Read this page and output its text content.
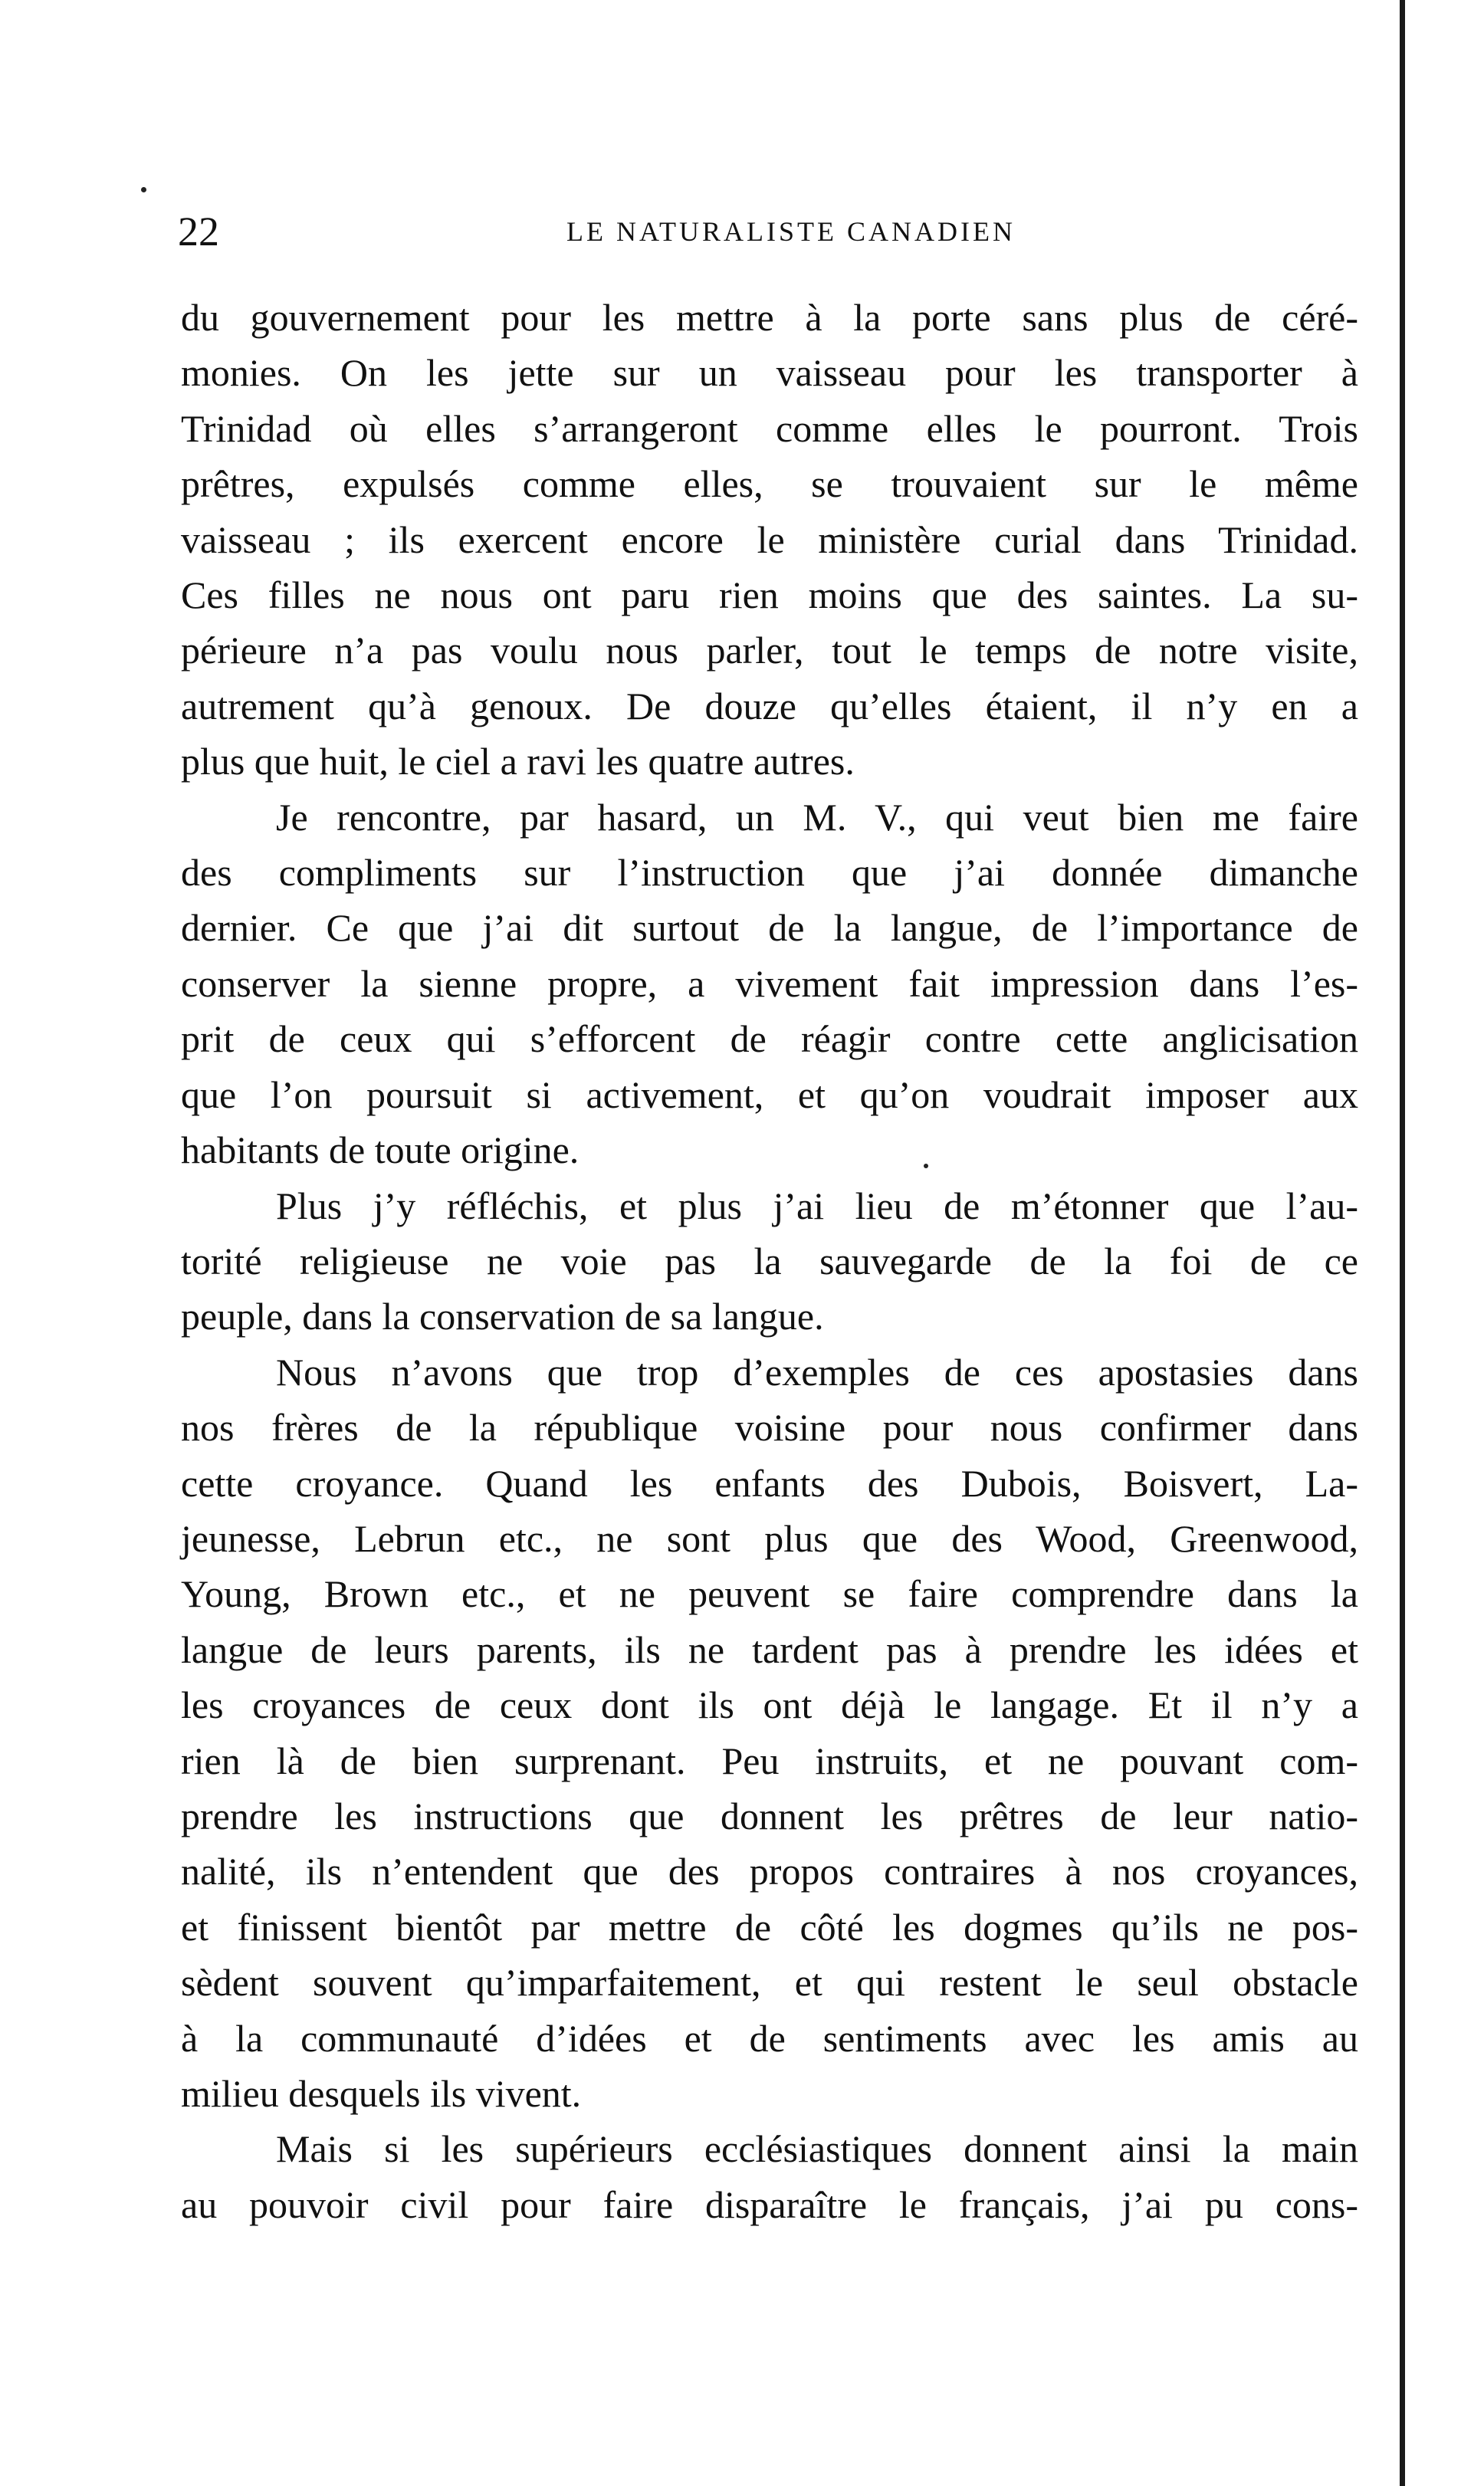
22	LE NATURALISTE CANADIEN

du gouvernement pour les mettre à la porte sans plus de céré-
monies. On les jette sur un vaisseau pour les transporter à
Trinidad où elles s’arrangeront comme elles le pourront. Trois
prêtres, expulsés comme elles, se trouvaient sur le même
vaisseau ; ils exercent encore le ministère curial dans Trinidad.
Ces filles ne nous ont paru rien moins que des saintes. La su-
périeure n’a pas voulu nous parler, tout le temps de notre visite,
autrement qu’à genoux. De douze qu’elles étaient, il n’y en a
plus que huit, le ciel a ravi les quatre autres.

Je rencontre, par hasard, un M. V., qui veut bien me faire
des compliments sur l’instruction que j’ai donnée dimanche
dernier. Ce que j’ai dit surtout de la langue, de l’importance de
conserver la sienne propre, a vivement fait impression dans l’es-
prit de ceux qui s’efforcent de réagir contre cette anglicisation
que l’on poursuit si activement, et qu’on voudrait imposer aux
habitants de toute origine.

Plus j’y réfléchis, et plus j’ai lieu de m’étonner que l’au-
torité religieuse ne voie pas la sauvegarde de la foi de ce
peuple, dans la conservation de sa langue.

Nous n’avons que trop d’exemples de ces apostasies dans
nos frères de la république voisine pour nous confirmer dans
cette croyance. Quand les enfants des Dubois, Boisvert, La-
jeunesse, Lebrun etc., ne sont plus que des Wood, Greenwood,
Young, Brown etc., et ne peuvent se faire comprendre dans la
langue de leurs parents, ils ne tardent pas à prendre les idées et
les croyances de ceux dont ils ont déjà le langage. Et il n’y a
rien là de bien surprenant. Peu instruits, et ne pouvant com-
prendre les instructions que donnent les prêtres de leur natio-
nalité, ils n’entendent que des propos contraires à nos croyances,
et finissent bientôt par mettre de côté les dogmes qu’ils ne pos-
sèdent souvent qu’imparfaitement, et qui restent le seul obstacle
à la communauté d’idées et de sentiments avec les amis au
milieu desquels ils vivent.

Mais si les supérieurs ecclésiastiques donnent ainsi la main
au pouvoir civil pour faire disparaître le français, j’ai pu cons-
